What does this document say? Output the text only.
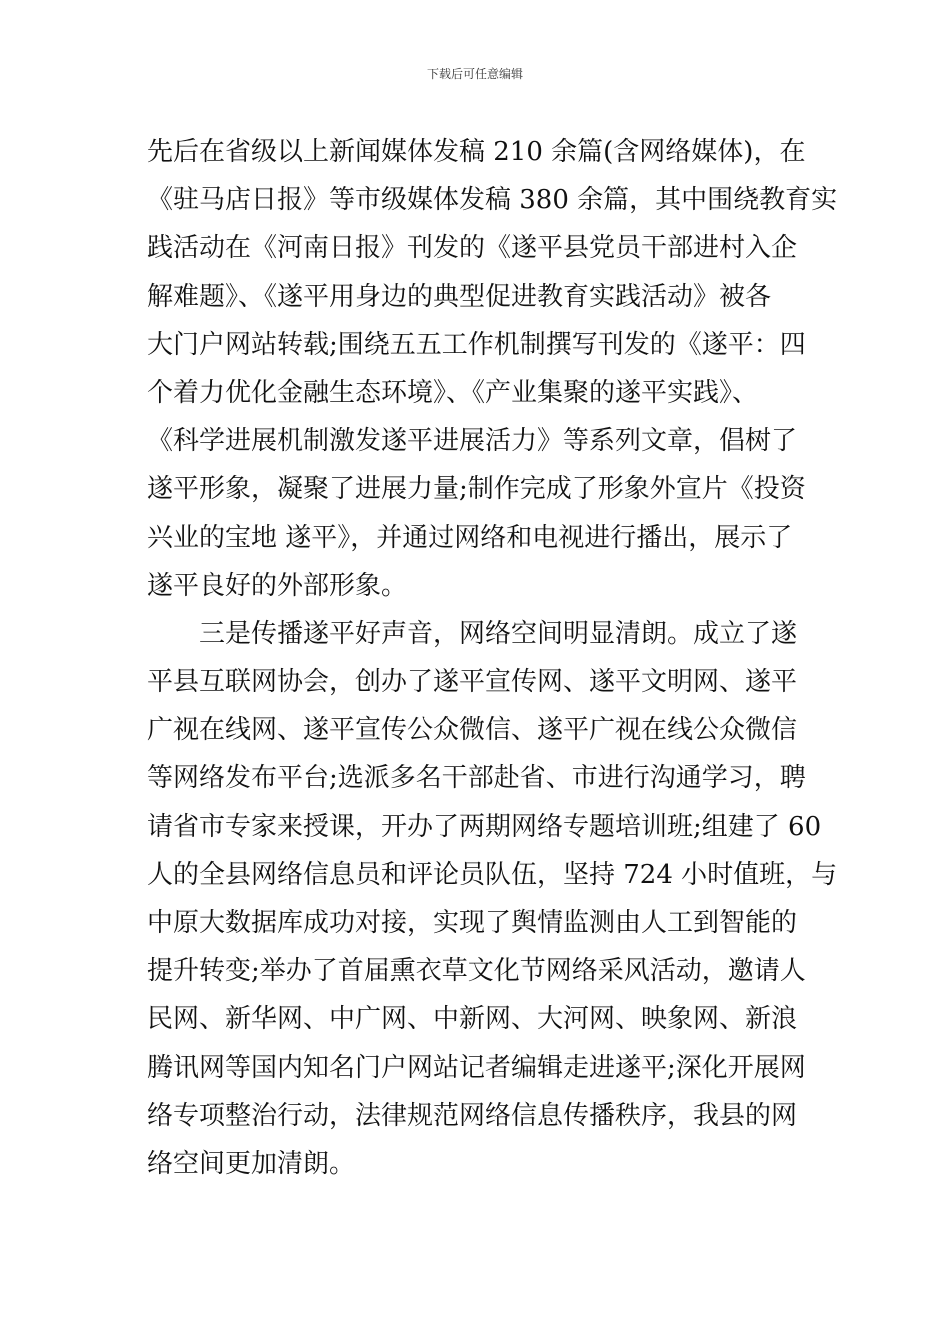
下载后可任意编辑
先后在省级以上新闻媒体发稿 210 余篇(含网络媒体)，在
《驻马店日报》等市级媒体发稿 380 余篇，其中围绕教育实
践活动在《河南日报》刊发的《遂平县党员干部进村入企
解难题》、《遂平用身边的典型促进教育实践活动》被各
大门户网站转载;围绕五五工作机制撰写刊发的《遂平：四
个着力优化金融生态环境》、《产业集聚的遂平实践》、
《科学进展机制激发遂平进展活力》等系列文章，倡树了
遂平形象，凝聚了进展力量;制作完成了形象外宣片《投资
兴业的宝地 遂平》，并通过网络和电视进行播出，展示了
遂平良好的外部形象。
三是传播遂平好声音，网络空间明显清朗。成立了遂
平县互联网协会，创办了遂平宣传网、遂平文明网、遂平
广视在线网、遂平宣传公众微信、遂平广视在线公众微信
等网络发布平台;选派多名干部赴省、市进行沟通学习，聘
请省市专家来授课，开办了两期网络专题培训班;组建了 60
人的全县网络信息员和评论员队伍，坚持 724 小时值班，与
中原大数据库成功对接，实现了舆情监测由人工到智能的
提升转变;举办了首届熏衣草文化节网络采风活动，邀请人
民网、新华网、中广网、中新网、大河网、映象网、新浪
腾讯网等国内知名门户网站记者编辑走进遂平;深化开展网
络专项整治行动，法律规范网络信息传播秩序，我县的网
络空间更加清朗。
